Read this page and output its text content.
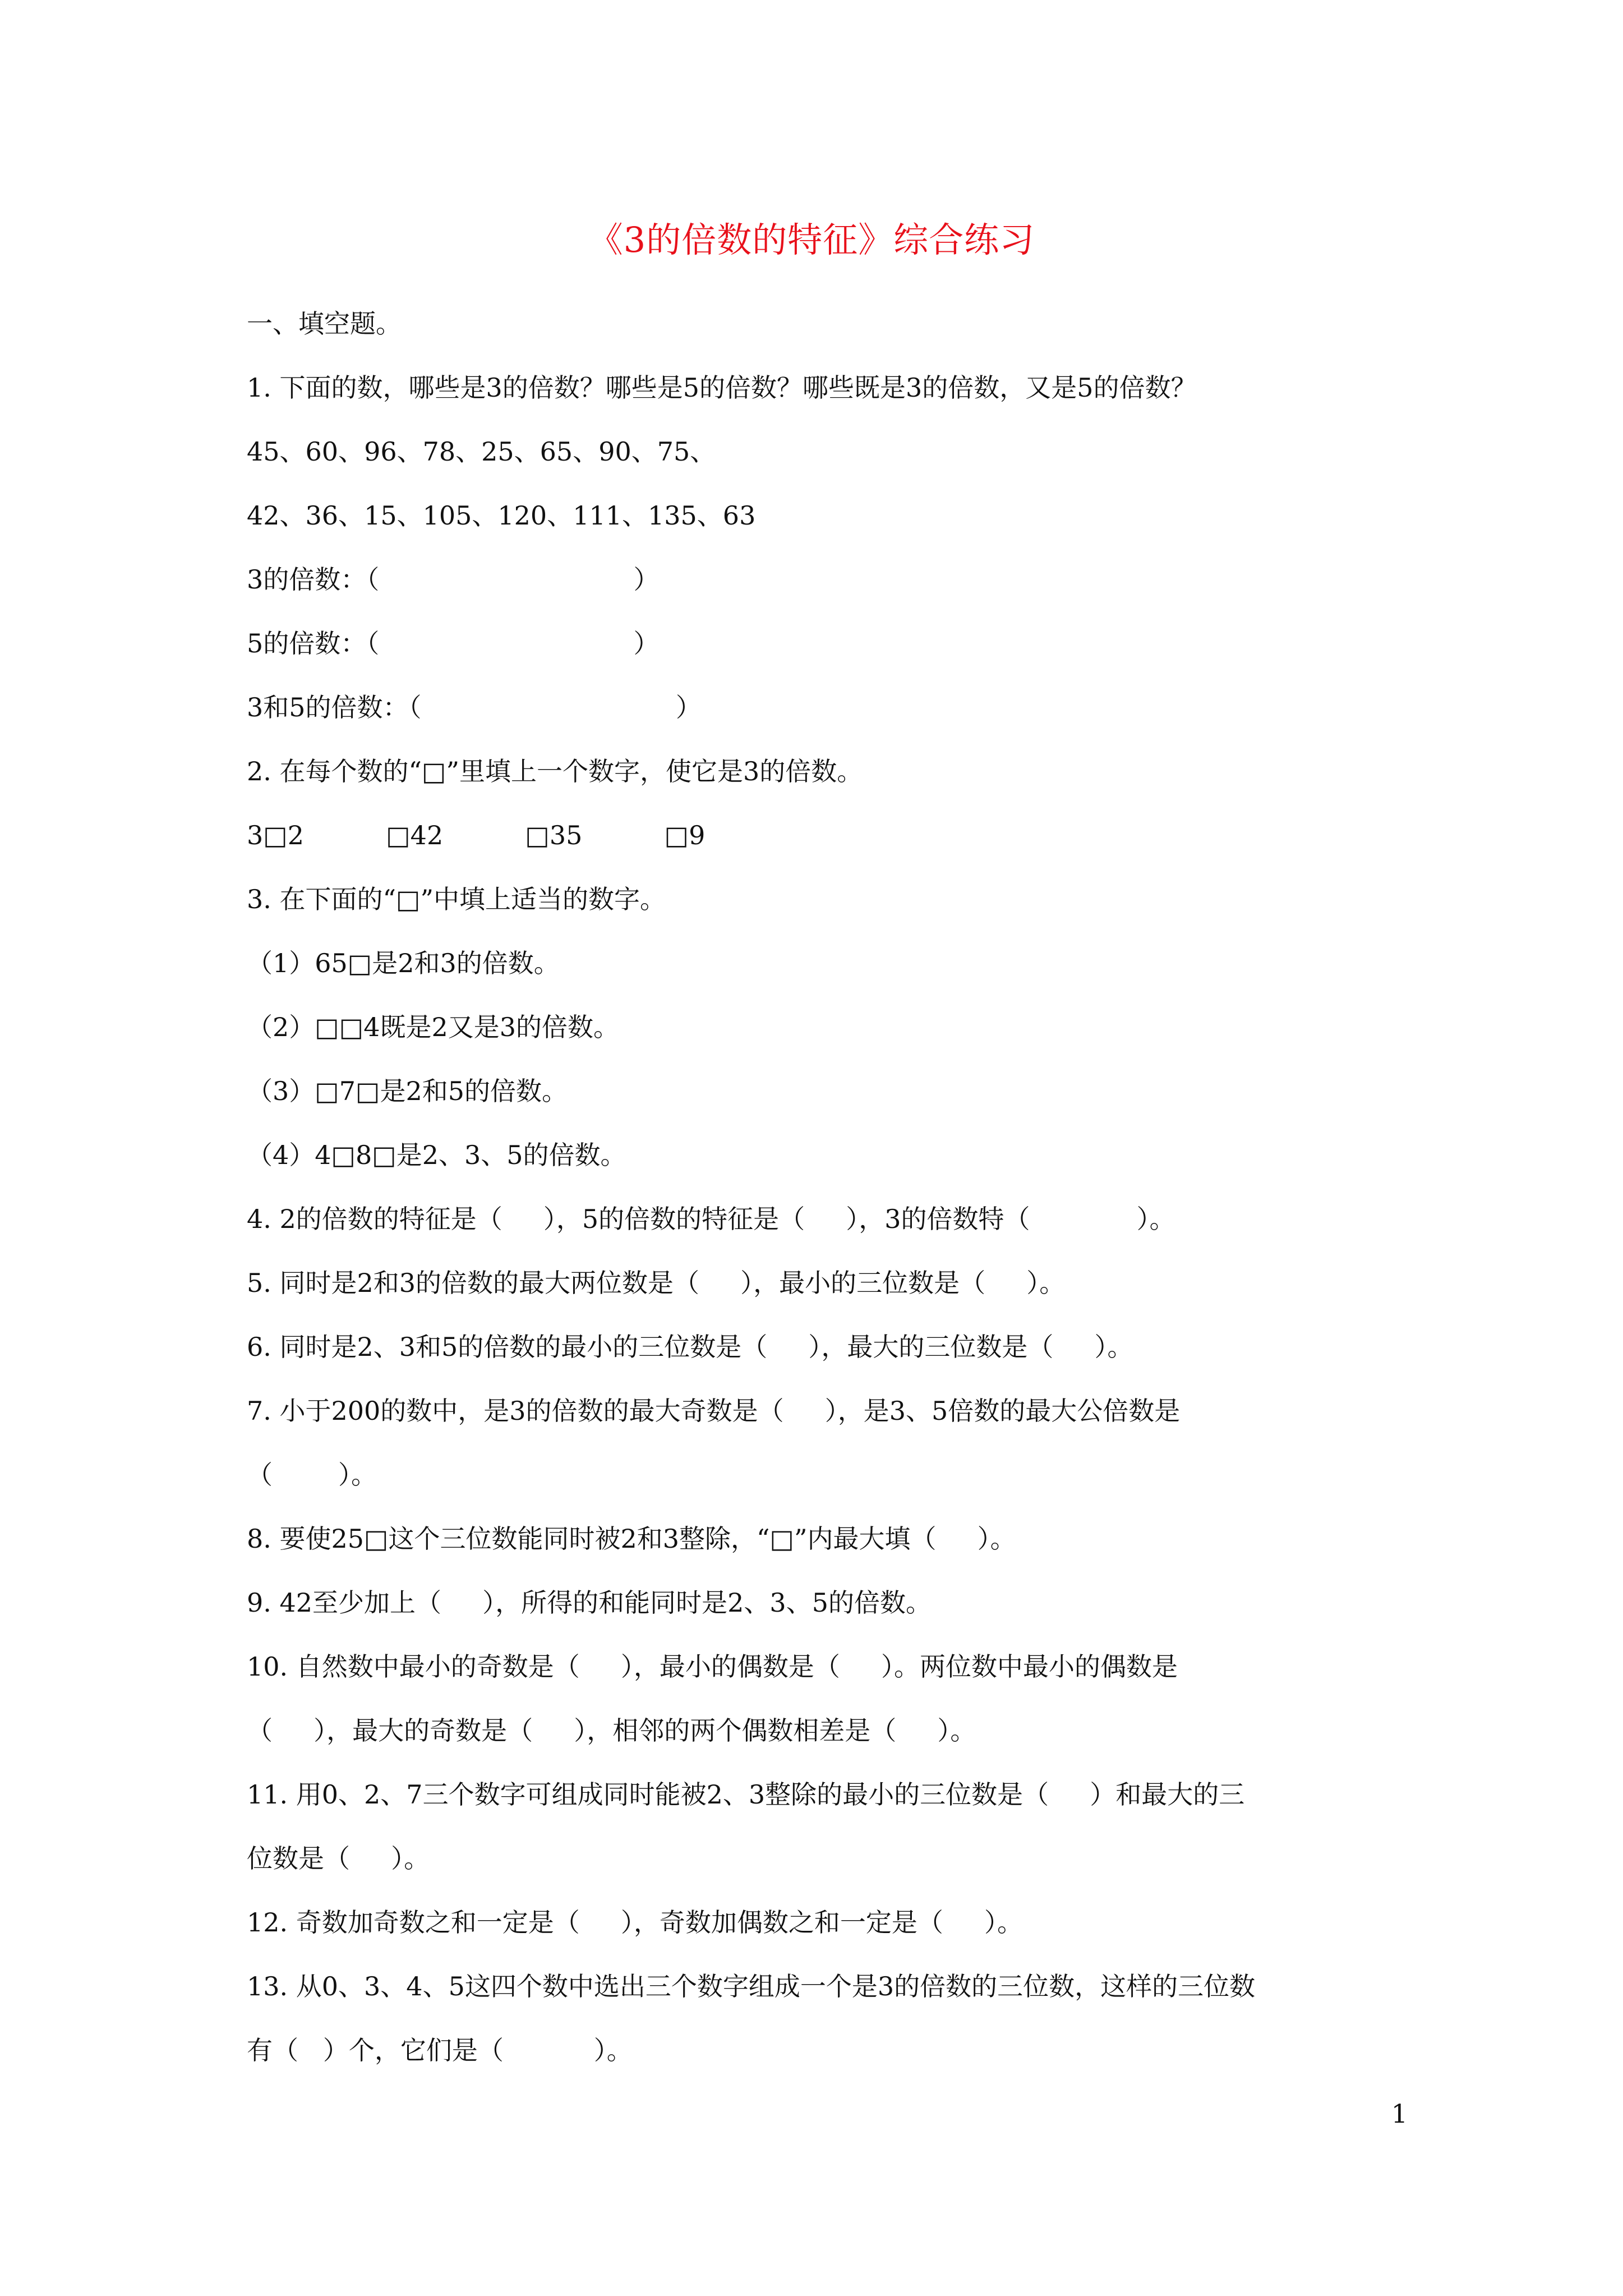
《3的倍数的特征》综合练习
一、填空题。
1. 下面的数，哪些是3的倍数？哪些是5的倍数？哪些既是3的倍数，又是5的倍数？
45、60、96、78、25、65、90、75、
42、36、15、105、120、111、135、63
3的倍数：（                               ）
5的倍数：（                               ）
3和5的倍数：（                               ）
2. 在每个数的“□”里填上一个数字，使它是3的倍数。
3□2          □42          □35          □9
3. 在下面的“□”中填上适当的数字。
（1）65□是2和3的倍数。
（2）□□4既是2又是3的倍数。
（3）□7□是2和5的倍数。
（4）4□8□是2、3、5的倍数。
4. 2的倍数的特征是（     ），5的倍数的特征是（     ），3的倍数特（             ）。
5. 同时是2和3的倍数的最大两位数是（     ），最小的三位数是（     ）。
6. 同时是2、3和5的倍数的最小的三位数是（     ），最大的三位数是（     ）。
7. 小于200的数中，是3的倍数的最大奇数是（     ），是3、5倍数的最大公倍数是
（        ）。
8. 要使25□这个三位数能同时被2和3整除，“□”内最大填（     ）。
9. 42至少加上（     ），所得的和能同时是2、3、5的倍数。
10. 自然数中最小的奇数是（     ），最小的偶数是（     ）。两位数中最小的偶数是
（     ），最大的奇数是（     ），相邻的两个偶数相差是（     ）。
11. 用0、2、7三个数字可组成同时能被2、3整除的最小的三位数是（     ）和最大的三
位数是（     ）。
12. 奇数加奇数之和一定是（     ），奇数加偶数之和一定是（     ）。
13. 从0、3、4、5这四个数中选出三个数字组成一个是3的倍数的三位数，这样的三位数
有（   ）个，它们是（           ）。
1
